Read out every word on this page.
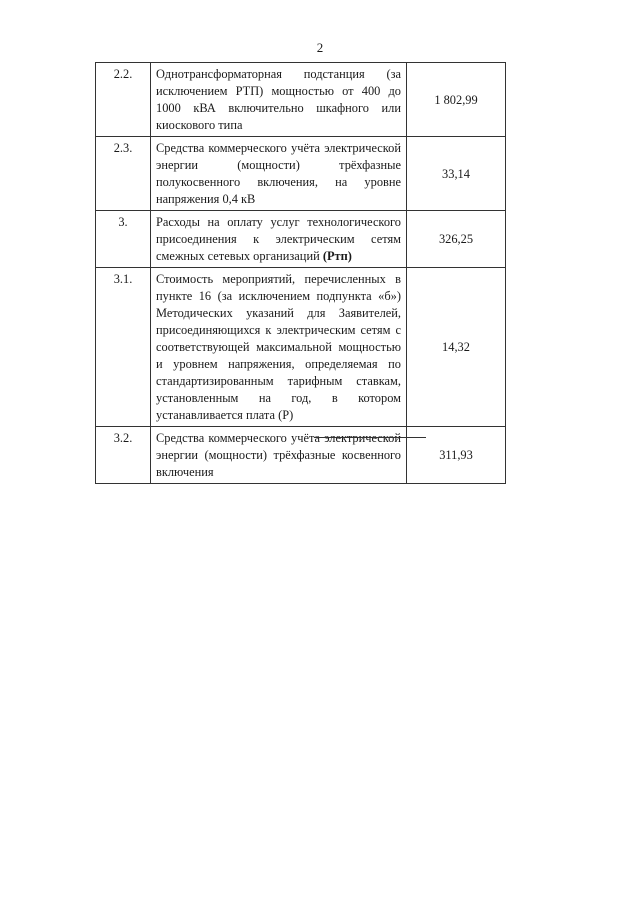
2
2.2.	Однотрансформаторная подстанция (за исключением РТП) мощностью от 400 до 1000 кВА включительно шкафного или киоскового типа	1 802,99
2.3.	Средства коммерческого учёта электрической энергии (мощности) трёхфазные полукосвенного включения, на уровне напряжения 0,4 кВ	33,14
3.	Расходы на оплату услуг технологического присоединения к электрическим сетям смежных сетевых организаций (Ртп)	326,25
3.1.	Стоимость мероприятий, перечисленных в пункте 16 (за исключением подпункта «б») Методических указаний для Заявителей, присоединяющихся к электрическим сетям с соответствующей максимальной мощностью и уровнем напряжения, определяемая по стандартизированным тарифным ставкам, установленным на год, в котором устанавливается плата (Р)	14,32
3.2.	Средства коммерческого учёта электрической энергии (мощности) трёхфазные косвенного включения	311,93
